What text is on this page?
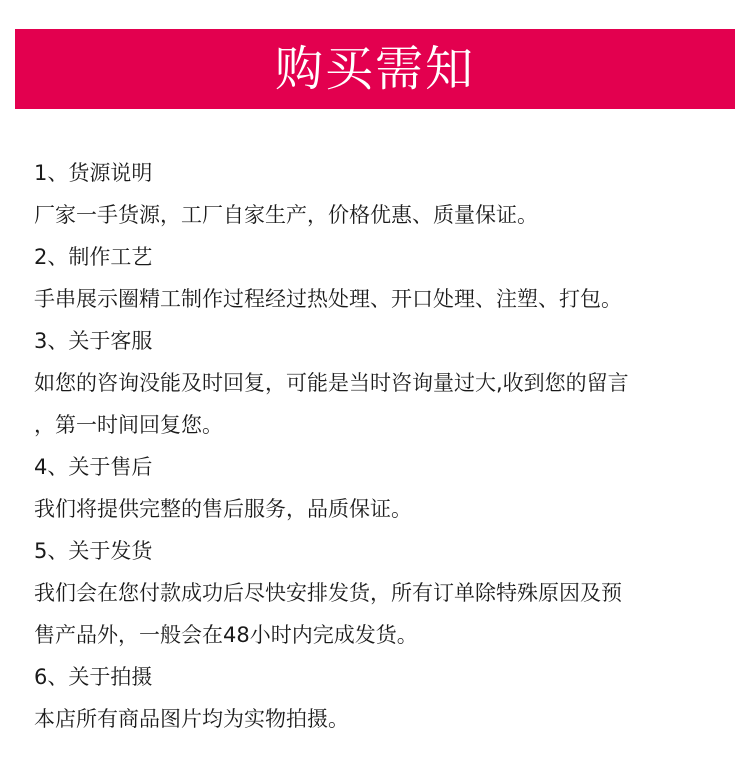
购买需知
1、货源说明
厂家一手货源，工厂自家生产，价格优惠、质量保证。
2、制作工艺
手串展示圈精工制作过程经过热处理、开口处理、注塑、打包。
3、关于客服
如您的咨询没能及时回复，可能是当时咨询量过大,收到您的留言
，第一时间回复您。
4、关于售后
我们将提供完整的售后服务，品质保证。
5、关于发货
我们会在您付款成功后尽快安排发货，所有订单除特殊原因及预
售产品外，一般会在48小时内完成发货。
6、关于拍摄
本店所有商品图片均为实物拍摄。
